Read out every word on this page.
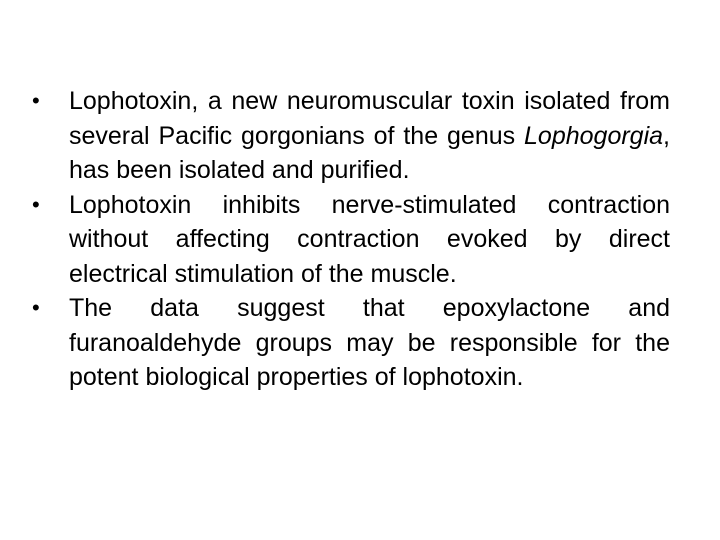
• Lophotoxin, a new neuromuscular toxin isolated from several Pacific gorgonians of the genus Lophogorgia, has been isolated and purified.
• Lophotoxin inhibits nerve-stimulated contraction without affecting contraction evoked by direct electrical stimulation of the muscle.
• The data suggest that epoxylactone and furanoaldehyde groups may be responsible for the potent biological properties of lophotoxin.
